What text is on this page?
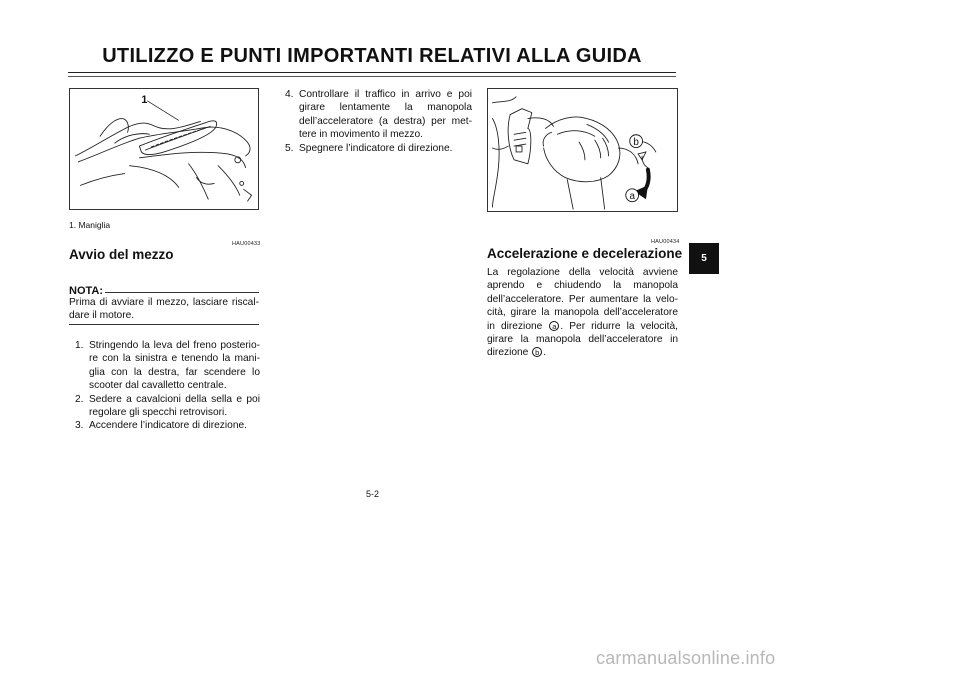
UTILIZZO E PUNTI IMPORTANTI RELATIVI ALLA GUIDA
1
1. Maniglia
HAU00433
Avvio del mezzo
NOTA:
Prima di avviare il mezzo, lasciare riscal-dare il motore.
1. Stringendo la leva del freno posterio-re con la sinistra e tenendo la mani-glia con la destra, far scendere lo scooter dal cavalletto centrale.
2. Sedere a cavalcioni della sella e poi regolare gli specchi retrovisori.
3. Accendere l’indicatore di direzione.
4. Controllare il traffico in arrivo e poi girare lentamente la manopola dell’acceleratore (a destra) per met-tere in movimento il mezzo.
5. Spegnere l’indicatore di direzione.
b
a
HAU00434
Accelerazione e decelerazione
La regolazione della velocità avviene aprendo e chiudendo la manopola dell’acceleratore. Per aumentare la velo-cità, girare la manopola dell’acceleratore in direzione a . Per ridurre la velocità, girare la manopola dell’acceleratore in direzione b .
5-2
5
carmanualsonline.info
